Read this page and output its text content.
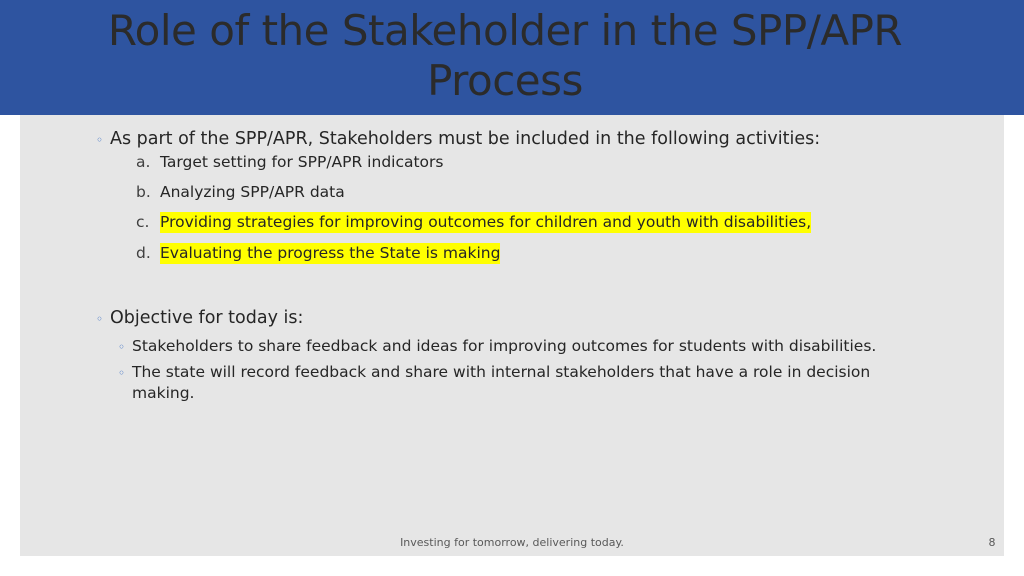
Role of the Stakeholder in the SPP/APR Process
◦ As part of the SPP/APR, Stakeholders must be included in the following activities:
a. Target setting for SPP/APR indicators
b. Analyzing SPP/APR data
c. Providing strategies for improving outcomes for children and youth with disabilities,
d. Evaluating the progress the State is making
◦ Objective for today is:
◦ Stakeholders to share feedback and ideas for improving outcomes for students with disabilities.
◦ The state will record feedback and share with internal stakeholders that have a role in decision making.
Investing for tomorrow, delivering today.	8
